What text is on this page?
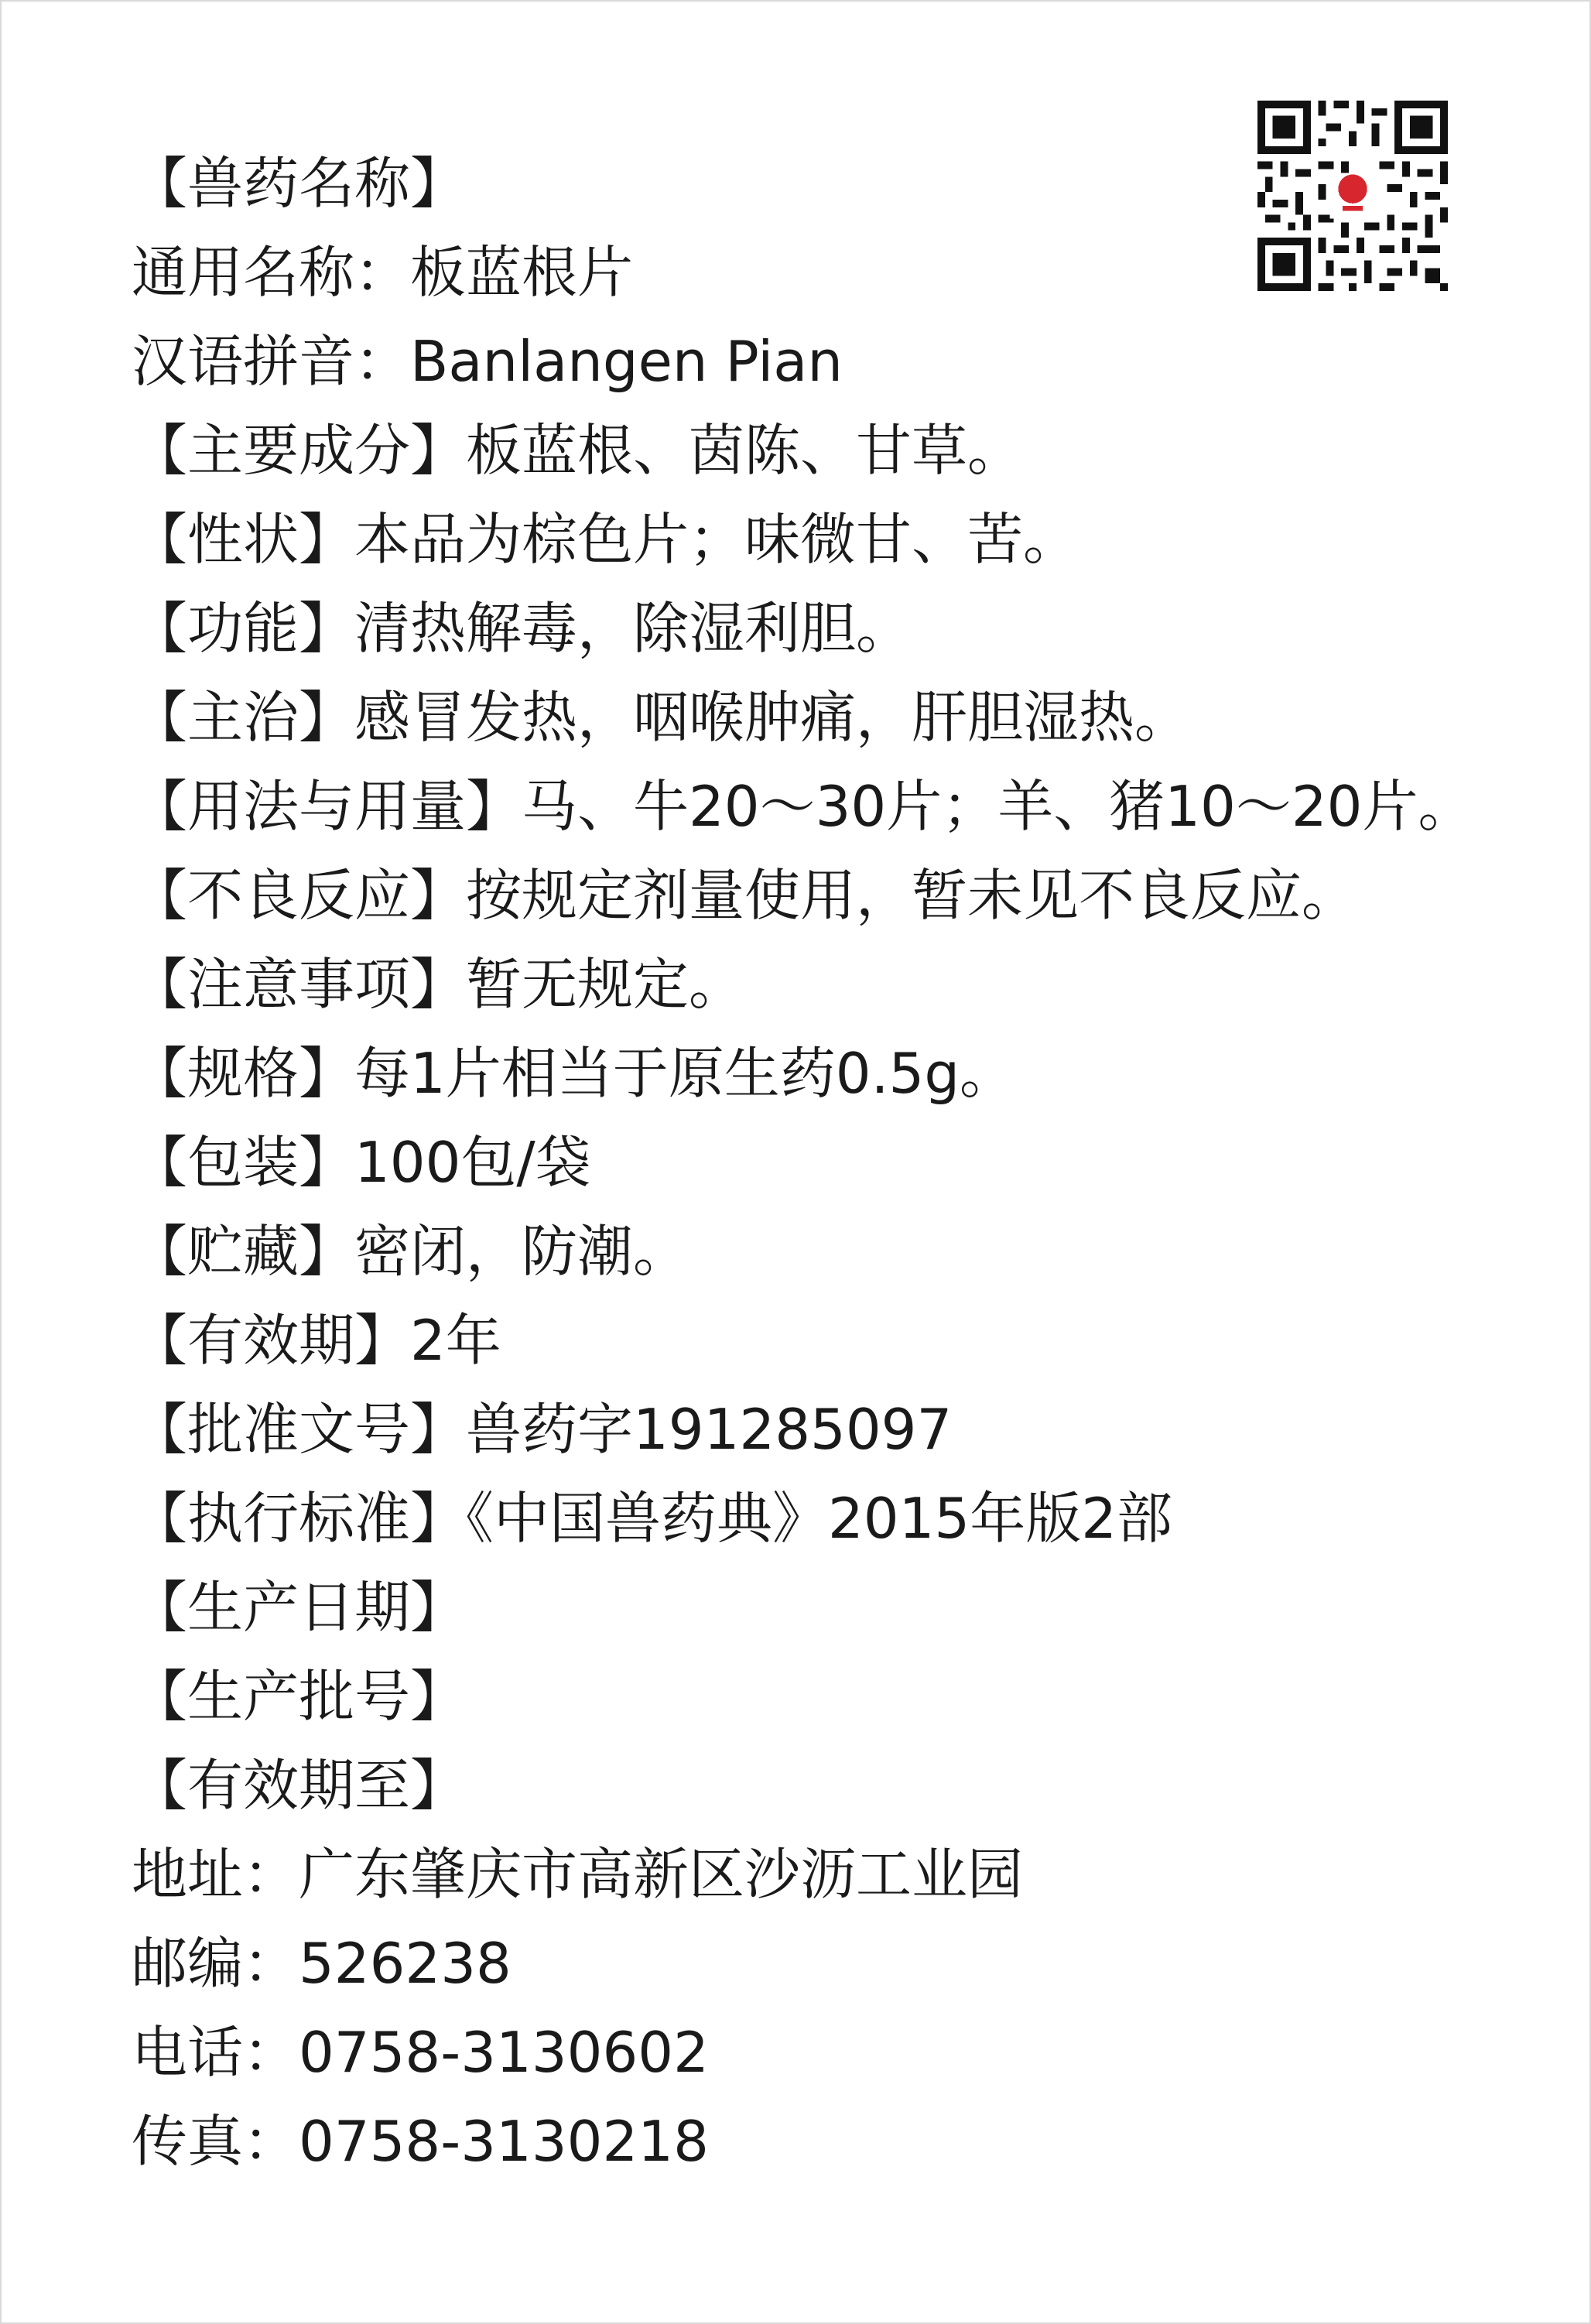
【兽药名称】
通用名称：板蓝根片
汉语拼音：Banlangen Pian
【主要成分】板蓝根、茵陈、甘草。
【性状】本品为棕色片；味微甘、苦。
【功能】清热解毒，除湿利胆。
【主治】感冒发热，咽喉肿痛，肝胆湿热。
【用法与用量】马、牛20～30片；羊、猪10～20片。
【不良反应】按规定剂量使用，暂未见不良反应。
【注意事项】暂无规定。
【规格】每1片相当于原生药0.5g。
【包装】100包/袋
【贮藏】密闭，防潮。
【有效期】2年
【批准文号】兽药字191285097
【执行标准】《中国兽药典》2015年版2部
【生产日期】
【生产批号】
【有效期至】
地址：广东肇庆市高新区沙沥工业园
邮编：526238
电话：0758-3130602
传真：0758-3130218
